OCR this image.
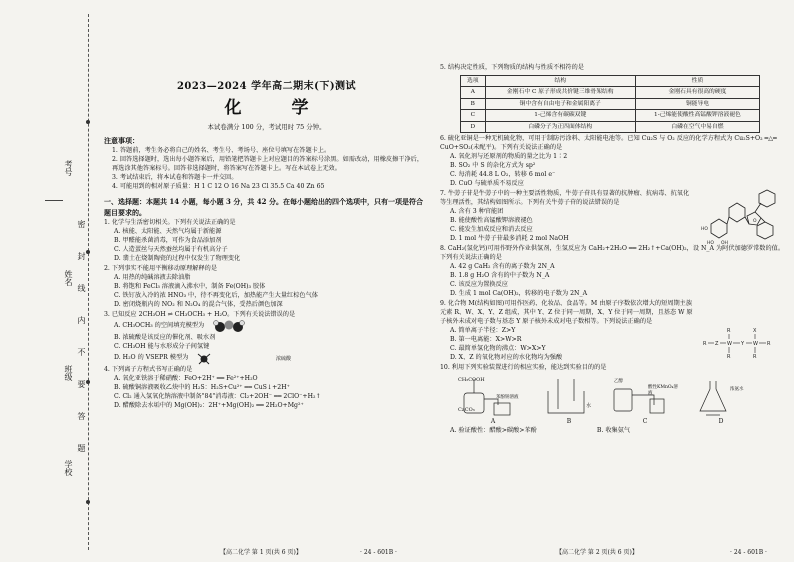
考号
姓名
班级
学校
密
封
线
内
不
要
答
题
2023—2024 学年高二期末(下)测试
化 学
本试卷满分 100 分，考试用时 75 分钟。
注意事项：
1. 答题前，考生务必将自己的姓名、考生号、考场号、座位号填写在答题卡上。
2. 回答选择题时，选出每小题答案后，用铅笔把答题卡上对应题目的答案标号涂黑。如需改动，用橡皮擦干净后，再选涂其他答案标号。回答非选择题时，将答案写在答题卡上。写在本试卷上无效。
3. 考试结束后，将本试卷和答题卡一并交回。
4. 可能用到的相对原子质量：H 1 C 12 O 16 Na 23 Cl 35.5 Ca 40 Zn 65
一、选择题：本题共 14 小题，每小题 3 分，共 42 分。在每小题给出的四个选项中，只有一项是符合题目要求的。
1. 化学与生活密切相关。下列有关说法正确的是
A. 核能、太阳能、天然气均属于新能源
B. 甲醛能杀菌消毒，可作为食品添加剂
C. 人造蛋丝与天然蚕丝均属于有机高分子
D. 翡土在烧制陶瓷的过程中仅发生了物理变化
2. 下列事实不能用平衡移动原理解释的是
A. 用热的纯碱溶液去除油脂
B. 将饱和 FeCl₃ 溶液滴入沸水中，制备 Fe(OH)₃ 胶体
C. 铁钉放入冷的浓 HNO₃ 中，待不再变化后，加热能产生大量红棕色气体
D. 密闭烧瓶内的 NO₂ 和 N₂O₄ 的混合气体，受热后颜色加深
3. 已知反应 2CH₃OH ⇌ CH₃OCH₃ + H₂O。下列有关说法错误的是
A. CH₃OCH₃ 的空间填充模型为
B. 浓硫酸是该反应的催化剂、吸水剂
C. CH₃OH 能与水形成分子间氢键
D. H₂O 的 VSEPR 模型为
4. 下列离子方程式书写正确的是
A. 氧化亚铁溶于稀硝酸：FeO+2H⁺ ══ Fe²⁺+H₂O
B. 硫酸铜溶液吸收乙炔中的 H₂S：H₂S+Cu²⁺ ══ CuS↓+2H⁺
C. Cl₂ 通入氢氧化钠溶液中制备"84"消毒液：Cl₂+2OH⁻ ══ 2ClO⁻+H₂↑
D. 醋酸除去水垢中的 Mg(OH)₂：2H⁺+Mg(OH)₂ ══ 2H₂O+Mg²⁺
浓硫酸
【高二化学 第 1 页(共 6 页)】	· 24 - 601B ·
5. 结构决定性质，下列物质的结构与性质不相符的是
选项	结构	性质
A	金刚石中 C 原子形成共价键三维骨架结构	金刚石具有很高的硬度
B	铜中含有自由电子和金属阳离子	铜能导电
C	1-己烯含有碳碳双键	1-己烯能使酸性高锰酸钾溶液褪色
D	白磷分子为正四面体结构	白磷在空气中易自燃
6. 硫化亚铜是一种无机硫化物，可用于制防污涂料、太阳能电池等。已知 Cu₂S 与 O₂ 反应的化学方程式为 Cu₂S+O₂ ═△═ CuO+SO₂(未配平)。下列有关说法正确的是
A. 氧化剂与还原剂的物质的量之比为 1∶2
B. SO₂ 中 S 的杂化方式为 sp²
C. 每消耗 44.8 L O₂，转移 6 mol e⁻
D. CuO 与硫单质不易反应
7. 牛蒡子苷是牛蒡子中的一种主要活性物质，牛蒡子苷具有显著的抗肿瘤、抗病毒、抗氧化等生理活性，其结构如图所示。下列有关牛蒡子苷的说法错误的是
A. 含有 3 种官能团
B. 能使酸性高锰酸钾溶液褪色
C. 能发生加成反应和消去反应
D. 1 mol 牛蒡子苷最多消耗 2 mol NaOH
HO
HO OH
O
8. CaH₂(氢化钙)可用作野外作业供氢剂，生氢反应为 CaH₂+2H₂O ══ 2H₂↑+Ca(OH)₂，设 N_A 为阿伏加德罗常数的值。下列有关说法正确的是
A. 42 g CaH₂ 含有的离子数为 2N_A
B. 1.8 g H₂O 含有的中子数为 N_A
C. 该反应为置换反应
D. 生成 1 mol Ca(OH)₂，转移的电子数为 2N_A
9. 化合物 M(结构如图)可用作医药、化妆品、食品等。M 由原子序数依次增大的短周期主族元素 R、W、X、Y、Z 组成，其中 Y、Z 位于同一周期，X、Y 位于同一周期，且基态 W 原子核外未成对电子数与基态 Y 原子核外未成对电子数相等。下列说法正确的是
A. 简单离子半径：Z>Y
B. 第一电离能：X>W>R
C. 最简单氢化物的沸点：W>X>Y
D. X、Z 的氧化物对应的水化物均为强酸
R Z W Y W R
R
R
X
R
10. 利用下列实验装置进行的相应实验，能达到实验目的的是
CH₃COOH
CaCO₃
苯酚钠溶液
A
水
B
乙醇
酸性KMnO₄溶液
C
浓氨水
D
A. 验证酸性：醋酸>碳酸>苯酚	B. 收集氨气
【高二化学 第 2 页(共 6 页)】	· 24 - 601B ·
